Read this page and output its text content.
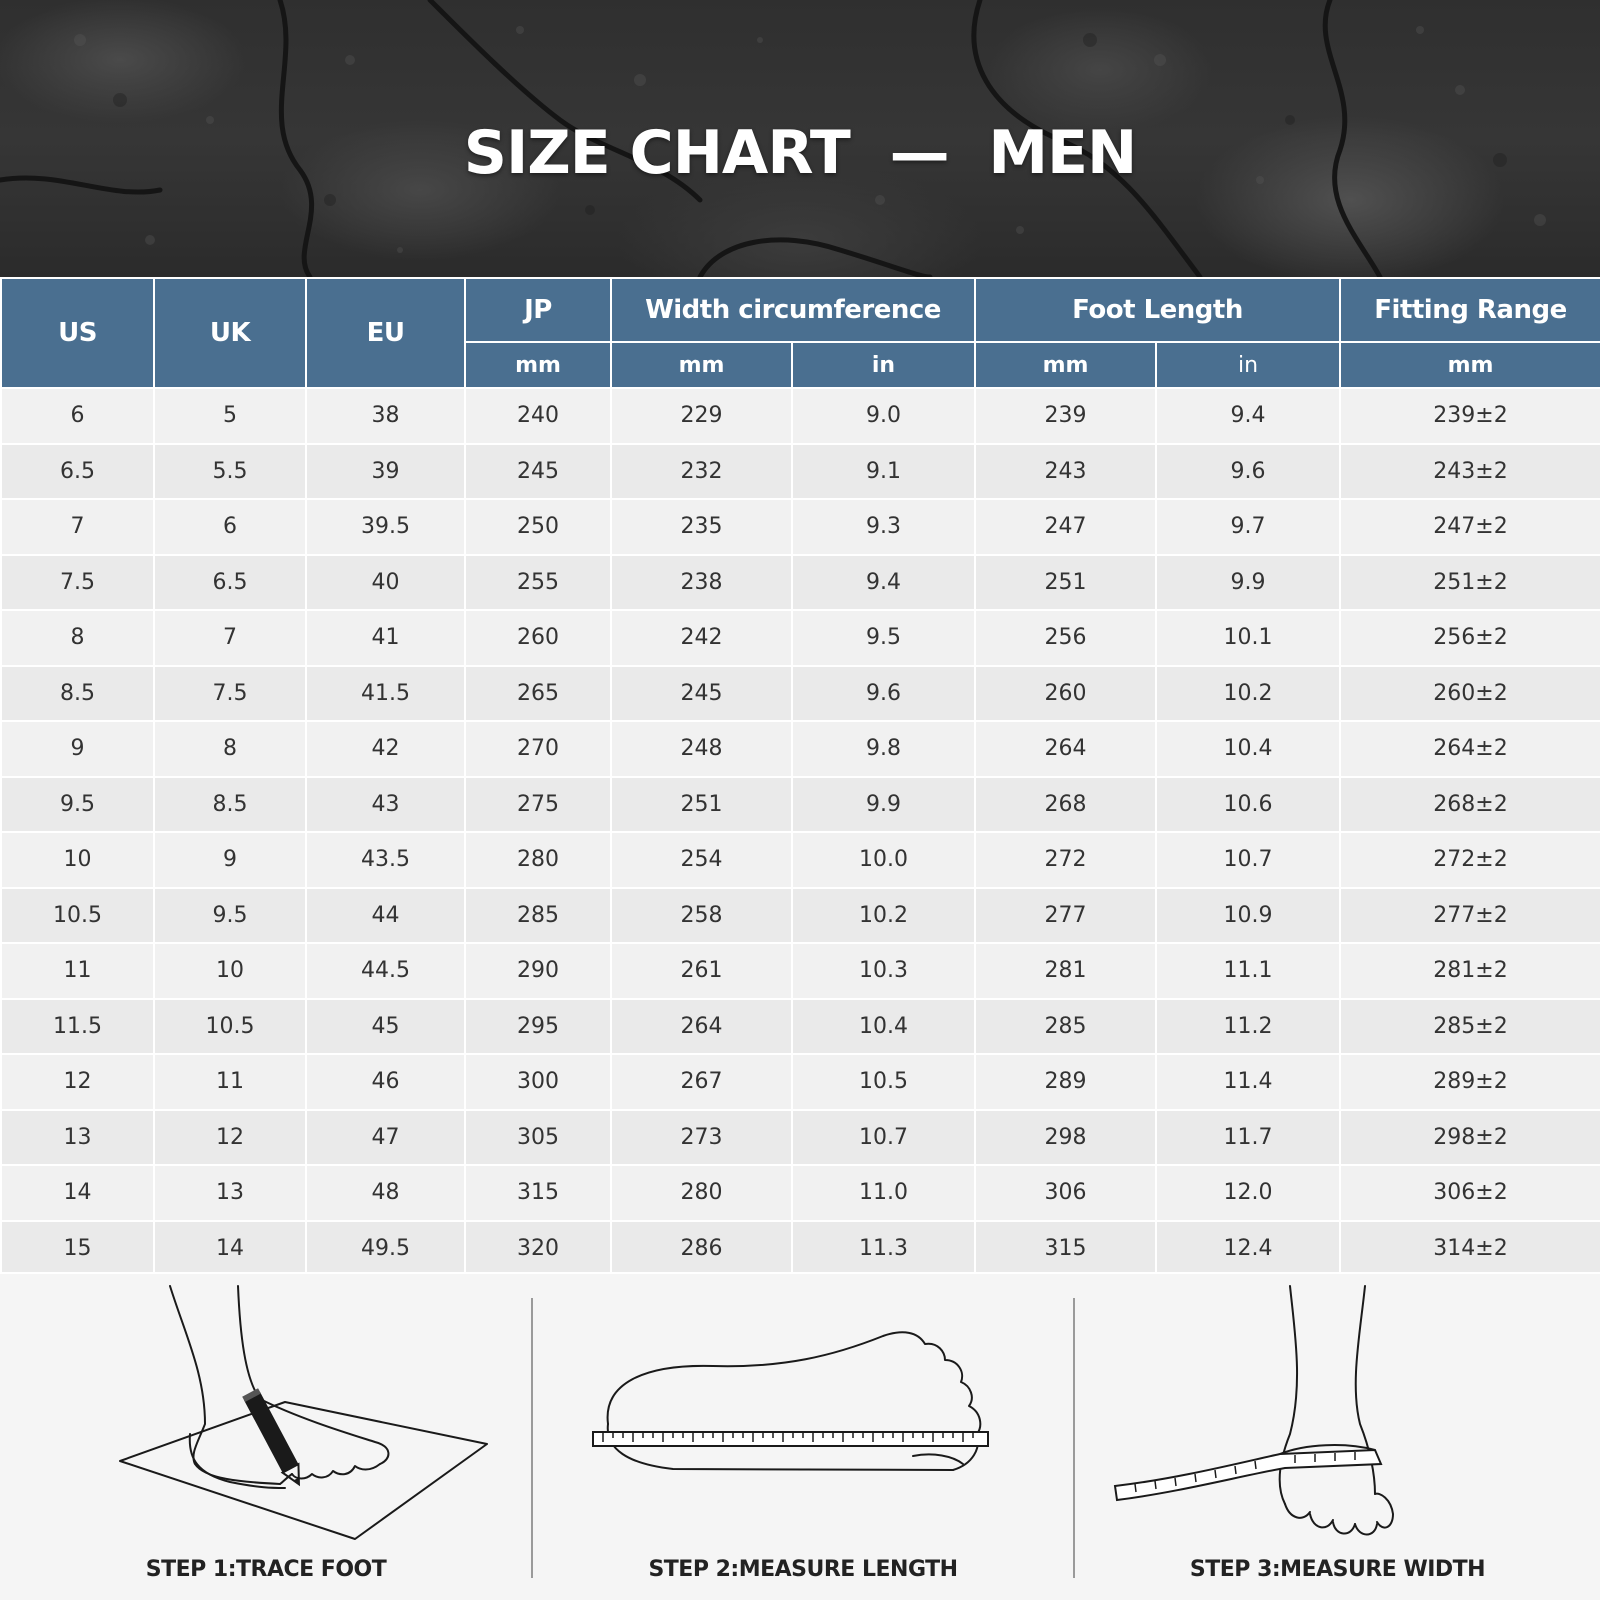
SIZE CHART  —  MEN
US	UK	EU	JP	Width circumference		Foot Length		Fitting Range
			mm	mm	in	mm	in	mm
6	5	38	240	229	9.0	239	9.4	239±2
6.5	5.5	39	245	232	9.1	243	9.6	243±2
7	6	39.5	250	235	9.3	247	9.7	247±2
7.5	6.5	40	255	238	9.4	251	9.9	251±2
8	7	41	260	242	9.5	256	10.1	256±2
8.5	7.5	41.5	265	245	9.6	260	10.2	260±2
9	8	42	270	248	9.8	264	10.4	264±2
9.5	8.5	43	275	251	9.9	268	10.6	268±2
10	9	43.5	280	254	10.0	272	10.7	272±2
10.5	9.5	44	285	258	10.2	277	10.9	277±2
11	10	44.5	290	261	10.3	281	11.1	281±2
11.5	10.5	45	295	264	10.4	285	11.2	285±2
12	11	46	300	267	10.5	289	11.4	289±2
13	12	47	305	273	10.7	298	11.7	298±2
14	13	48	315	280	11.0	306	12.0	306±2
15	14	49.5	320	286	11.3	315	12.4	314±2
STEP 1:TRACE FOOT	STEP 2:MEASURE LENGTH	STEP 3:MEASURE WIDTH
